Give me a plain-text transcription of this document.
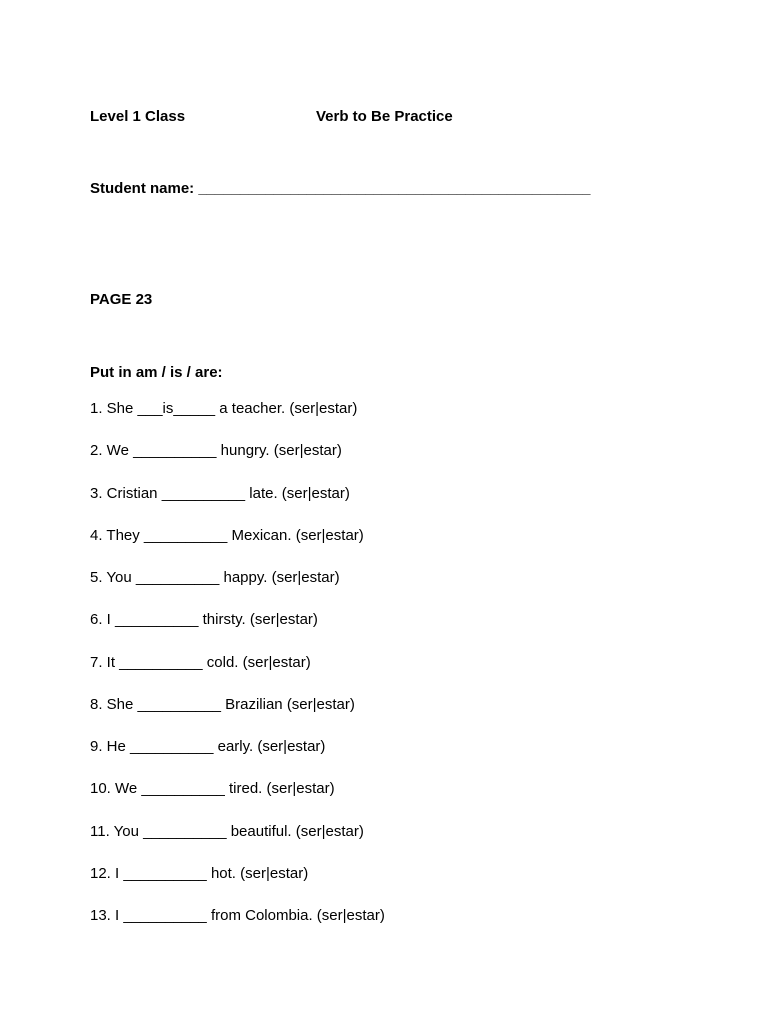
Level 1 Class	Verb to Be Practice
Student name: _______________________________________________
PAGE 23
Put in am / is / are:
1. She ___is_____ a teacher. (ser|estar)
2. We __________ hungry. (ser|estar)
3. Cristian __________ late. (ser|estar)
4. They __________ Mexican. (ser|estar)
5. You __________ happy. (ser|estar)
6. I __________ thirsty. (ser|estar)
7. It __________ cold. (ser|estar)
8. She __________ Brazilian (ser|estar)
9. He __________ early. (ser|estar)
10. We __________ tired. (ser|estar)
11. You __________ beautiful. (ser|estar)
12. I __________ hot. (ser|estar)
13. I __________ from Colombia. (ser|estar)
